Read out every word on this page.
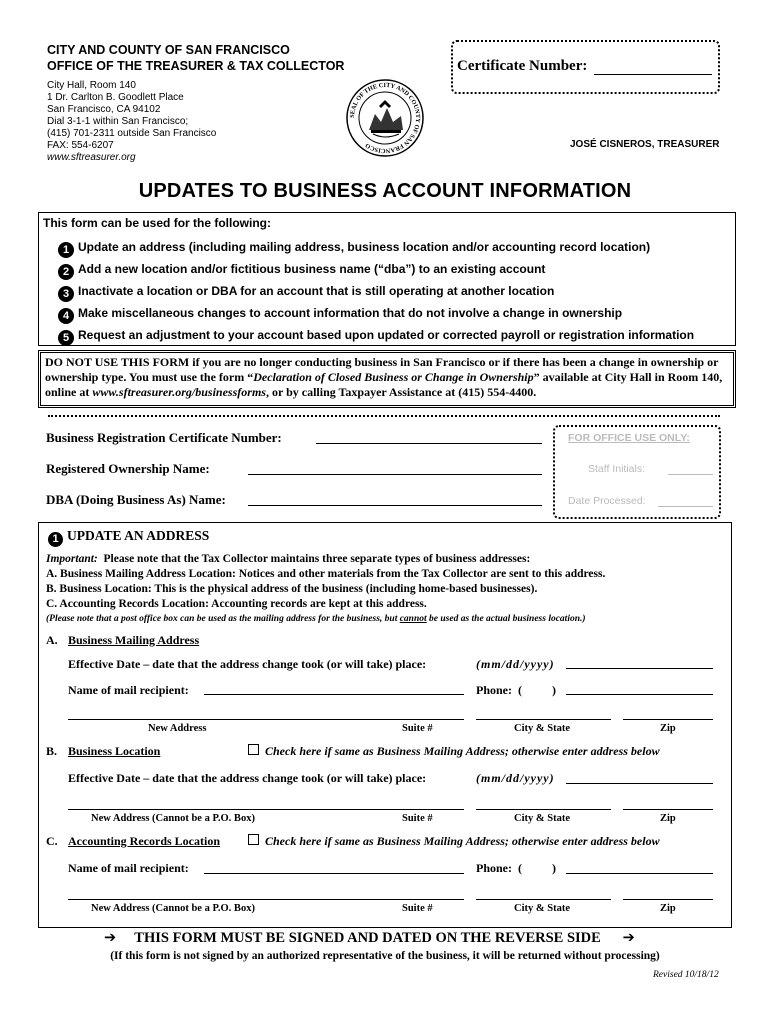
CITY AND COUNTY OF SAN FRANCISCO
OFFICE OF THE TREASURER & TAX COLLECTOR
City Hall, Room 140
1 Dr. Carlton B. Goodlett Place
San Francisco, CA 94102
Dial 3-1-1 within San Francisco;
(415) 701-2311 outside San Francisco
FAX: 554-6207
www.sftreasurer.org
SEAL OF THE CITY AND COUNTY OF SAN FRANCISCO
Certificate Number:
JOSÉ CISNEROS, TREASURER
UPDATES TO BUSINESS ACCOUNT INFORMATION
This form can be used for the following:
1 Update an address (including mailing address, business location and/or accounting record location)
2 Add a new location and/or fictitious business name (“dba”) to an existing account
3 Inactivate a location or DBA for an account that is still operating at another location
4 Make miscellaneous changes to account information that do not involve a change in ownership
5 Request an adjustment to your account based upon updated or corrected payroll or registration information
DO NOT USE THIS FORM if you are no longer conducting business in San Francisco or if there has been a change in ownership or ownership type. You must use the form “Declaration of Closed Business or Change in Ownership” available at City Hall in Room 140, online at www.sftreasurer.org/businessforms, or by calling Taxpayer Assistance at (415) 554-4400.
Business Registration Certificate Number:
Registered Ownership Name:
DBA (Doing Business As) Name:
FOR OFFICE USE ONLY:
Staff Initials:
Date Processed:
1 UPDATE AN ADDRESS
Important: Please note that the Tax Collector maintains three separate types of business addresses:
A. Business Mailing Address Location: Notices and other materials from the Tax Collector are sent to this address.
B. Business Location: This is the physical address of the business (including home-based businesses).
C. Accounting Records Location: Accounting records are kept at this address.
(Please note that a post office box can be used as the mailing address for the business, but cannot be used as the actual business location.)
A. Business Mailing Address
Effective Date – date that the address change took (or will take) place:	(mm/dd/yyyy)
Name of mail recipient:	Phone:  (          )
New Address	Suite #	City & State	Zip
B. Business Location	Check here if same as Business Mailing Address; otherwise enter address below
Effective Date – date that the address change took (or will take) place:	(mm/dd/yyyy)
New Address (Cannot be a P.O. Box)	Suite #	City & State	Zip
C. Accounting Records Location	Check here if same as Business Mailing Address; otherwise enter address below
Name of mail recipient:	Phone:  (          )
New Address (Cannot be a P.O. Box)	Suite #	City & State	Zip
➔ THIS FORM MUST BE SIGNED AND DATED ON THE REVERSE SIDE ➔
(If this form is not signed by an authorized representative of the business, it will be returned without processing)
Revised 10/18/12
